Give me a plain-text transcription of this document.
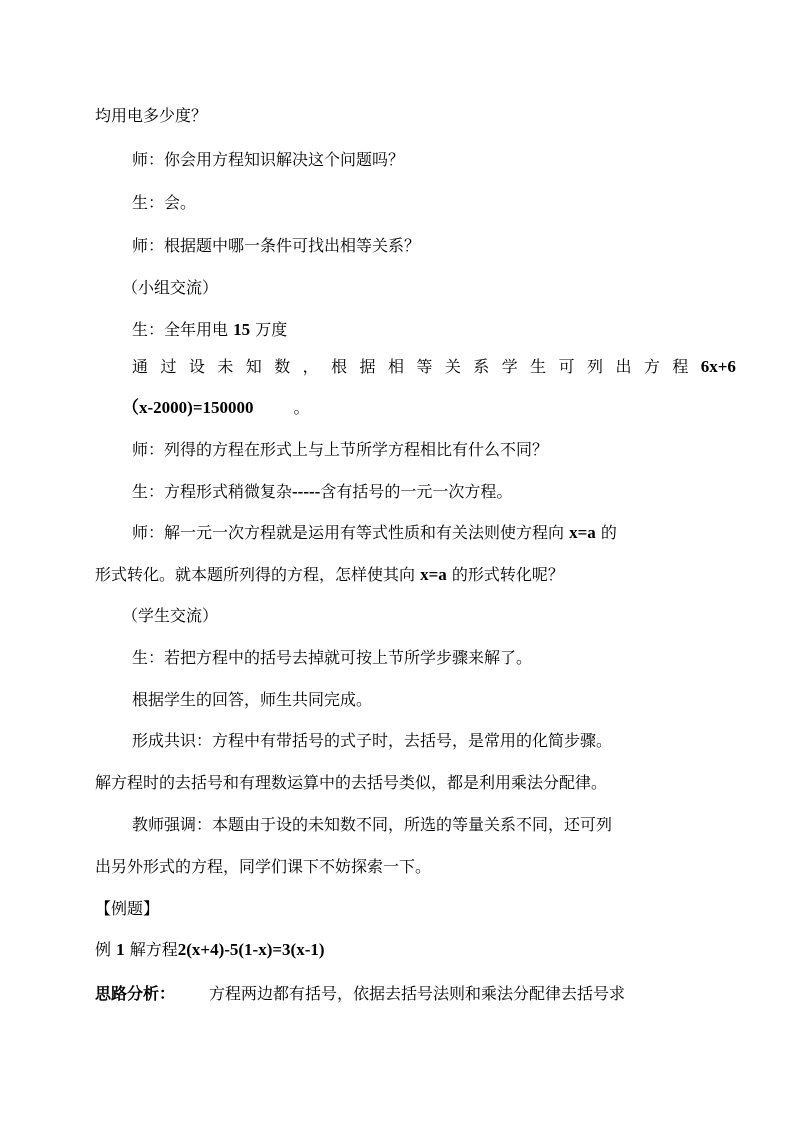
均用电多少度？
师：你会用方程知识解决这个问题吗？
生：会。
师：根据题中哪一条件可找出相等关系？
（小组交流）
生：全年用电 15 万度
通 过 设 未 知 数 ， 根 据 相 等 关 系 学 生 可 列 出 方 程 6x+6
（x-2000)=150000	。
师：列得的方程在形式上与上节所学方程相比有什么不同？
生：方程形式稍微复杂-----含有括号的一元一次方程。
师：解一元一次方程就是运用有等式性质和有关法则使方程向 x=a 的
形式转化。就本题所列得的方程，怎样使其向 x=a 的形式转化呢？
（学生交流）
生：若把方程中的括号去掉就可按上节所学步骤来解了。
根据学生的回答，师生共同完成。
形成共识：方程中有带括号的式子时，去括号，是常用的化简步骤。
解方程时的去括号和有理数运算中的去括号类似，都是利用乘法分配律。
教师强调：本题由于设的未知数不同，所选的等量关系不同，还可列
出另外形式的方程，同学们课下不妨探索一下。
【例题】
例 1 解方程2(x+4)-5(1-x)=3(x-1)
思路分析： 方程两边都有括号，依据去括号法则和乘法分配律去括号求
